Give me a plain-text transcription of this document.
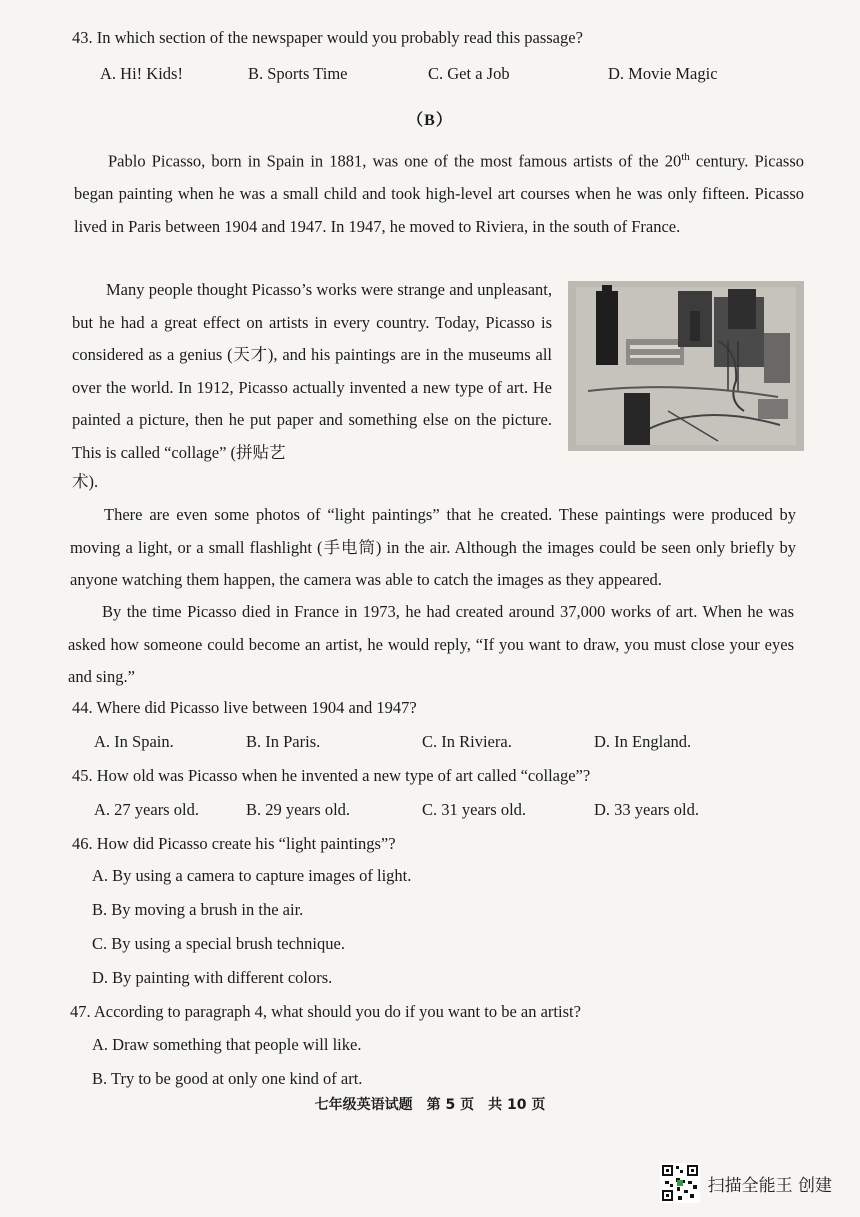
43. In which section of the newspaper would you probably read this passage?
A. Hi! Kids!	B. Sports Time	C. Get a Job	D. Movie Magic
（B）

Pablo Picasso, born in Spain in 1881, was one of the most famous artists of the 20th century. Picasso began painting when he was a small child and took high-level art courses when he was only fifteen. Picasso lived in Paris between 1904 and 1947. In 1947, he moved to Riviera, in the south of France.

Many people thought Picasso’s works were strange and unpleasant, but he had a great effect on artists in every country. Today, Picasso is considered as a genius (天才), and his paintings are in the museums all over the world. In 1912, Picasso actually invented a new type of art. He painted a picture, then he put paper and something else on the picture. This is called “collage” (拼贴艺

术).

There are even some photos of “light paintings” that he created. These paintings were produced by moving a light, or a small flashlight (手电筒) in the air. Although the images could be seen only briefly by anyone watching them happen, the camera was able to catch the images as they appeared.

By the time Picasso died in France in 1973, he had created around 37,000 works of art. When he was asked how someone could become an artist, he would reply, “If you want to draw, you must close your eyes and sing.”

44. Where did Picasso live between 1904 and 1947?
A. In Spain.	B. In Paris.	C. In Riviera.	D. In England.
45. How old was Picasso when he invented a new type of art called “collage”?
A. 27 years old.	B. 29 years old.	C. 31 years old.	D. 33 years old.
46. How did Picasso create his “light paintings”?
A. By using a camera to capture images of light.
B. By moving a brush in the air.
C. By using a special brush technique.
D. By painting with different colors.
47. According to paragraph 4, what should you do if you want to be an artist?
A. Draw something that people will like.
B. Try to be good at only one kind of art.
七年级英语试题　第 5 页　共 10 页
扫描全能王 创建
